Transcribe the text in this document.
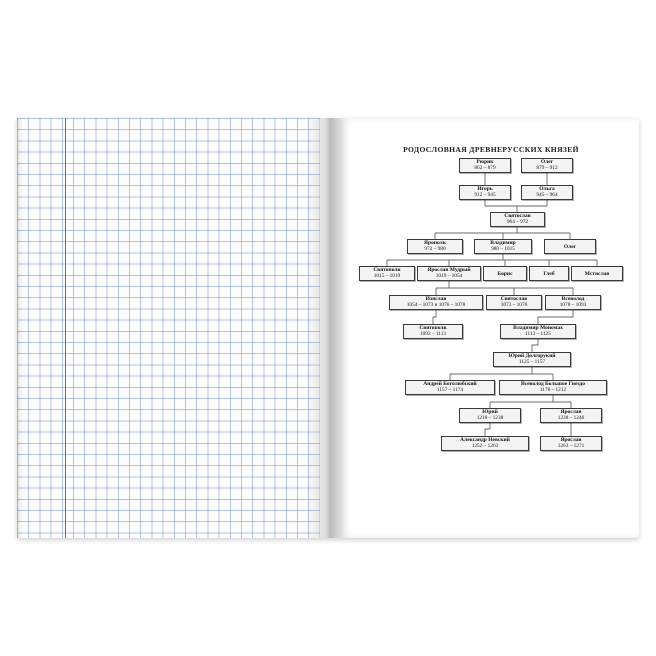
РОДОСЛОВНАЯ ДРЕВНЕРУССКИХ КНЯЗЕЙ
Рюрик
862 – 879
Олег
879 – 912
Игорь
912 – 945
Ольга
945 – 964
Святослав
964 – 972
Ярополк
972 – 980
Владимир
980 – 1015	Олег
Святополк
1015 – 1019
Ярослав Мудрый
1019 – 1054	Борис	Глеб	Мстислав
Изяслав
1054 – 1073 и 1076 – 1078
Святослав
1073 – 1076
Всеволод
1078 – 1093
Святополк
1093 – 1113
Владимир Мономах
1113 – 1125
Юрий Долгорукий
1125 – 1157
Андрей Боголюбский
1157 – 1174
Всеволод Большое Гнездо
1176 – 1212
Юрий
1218 – 1238
Ярослав
1238 – 1246
Александр Невский
1252 – 1263
Ярослав
1263 – 1271
